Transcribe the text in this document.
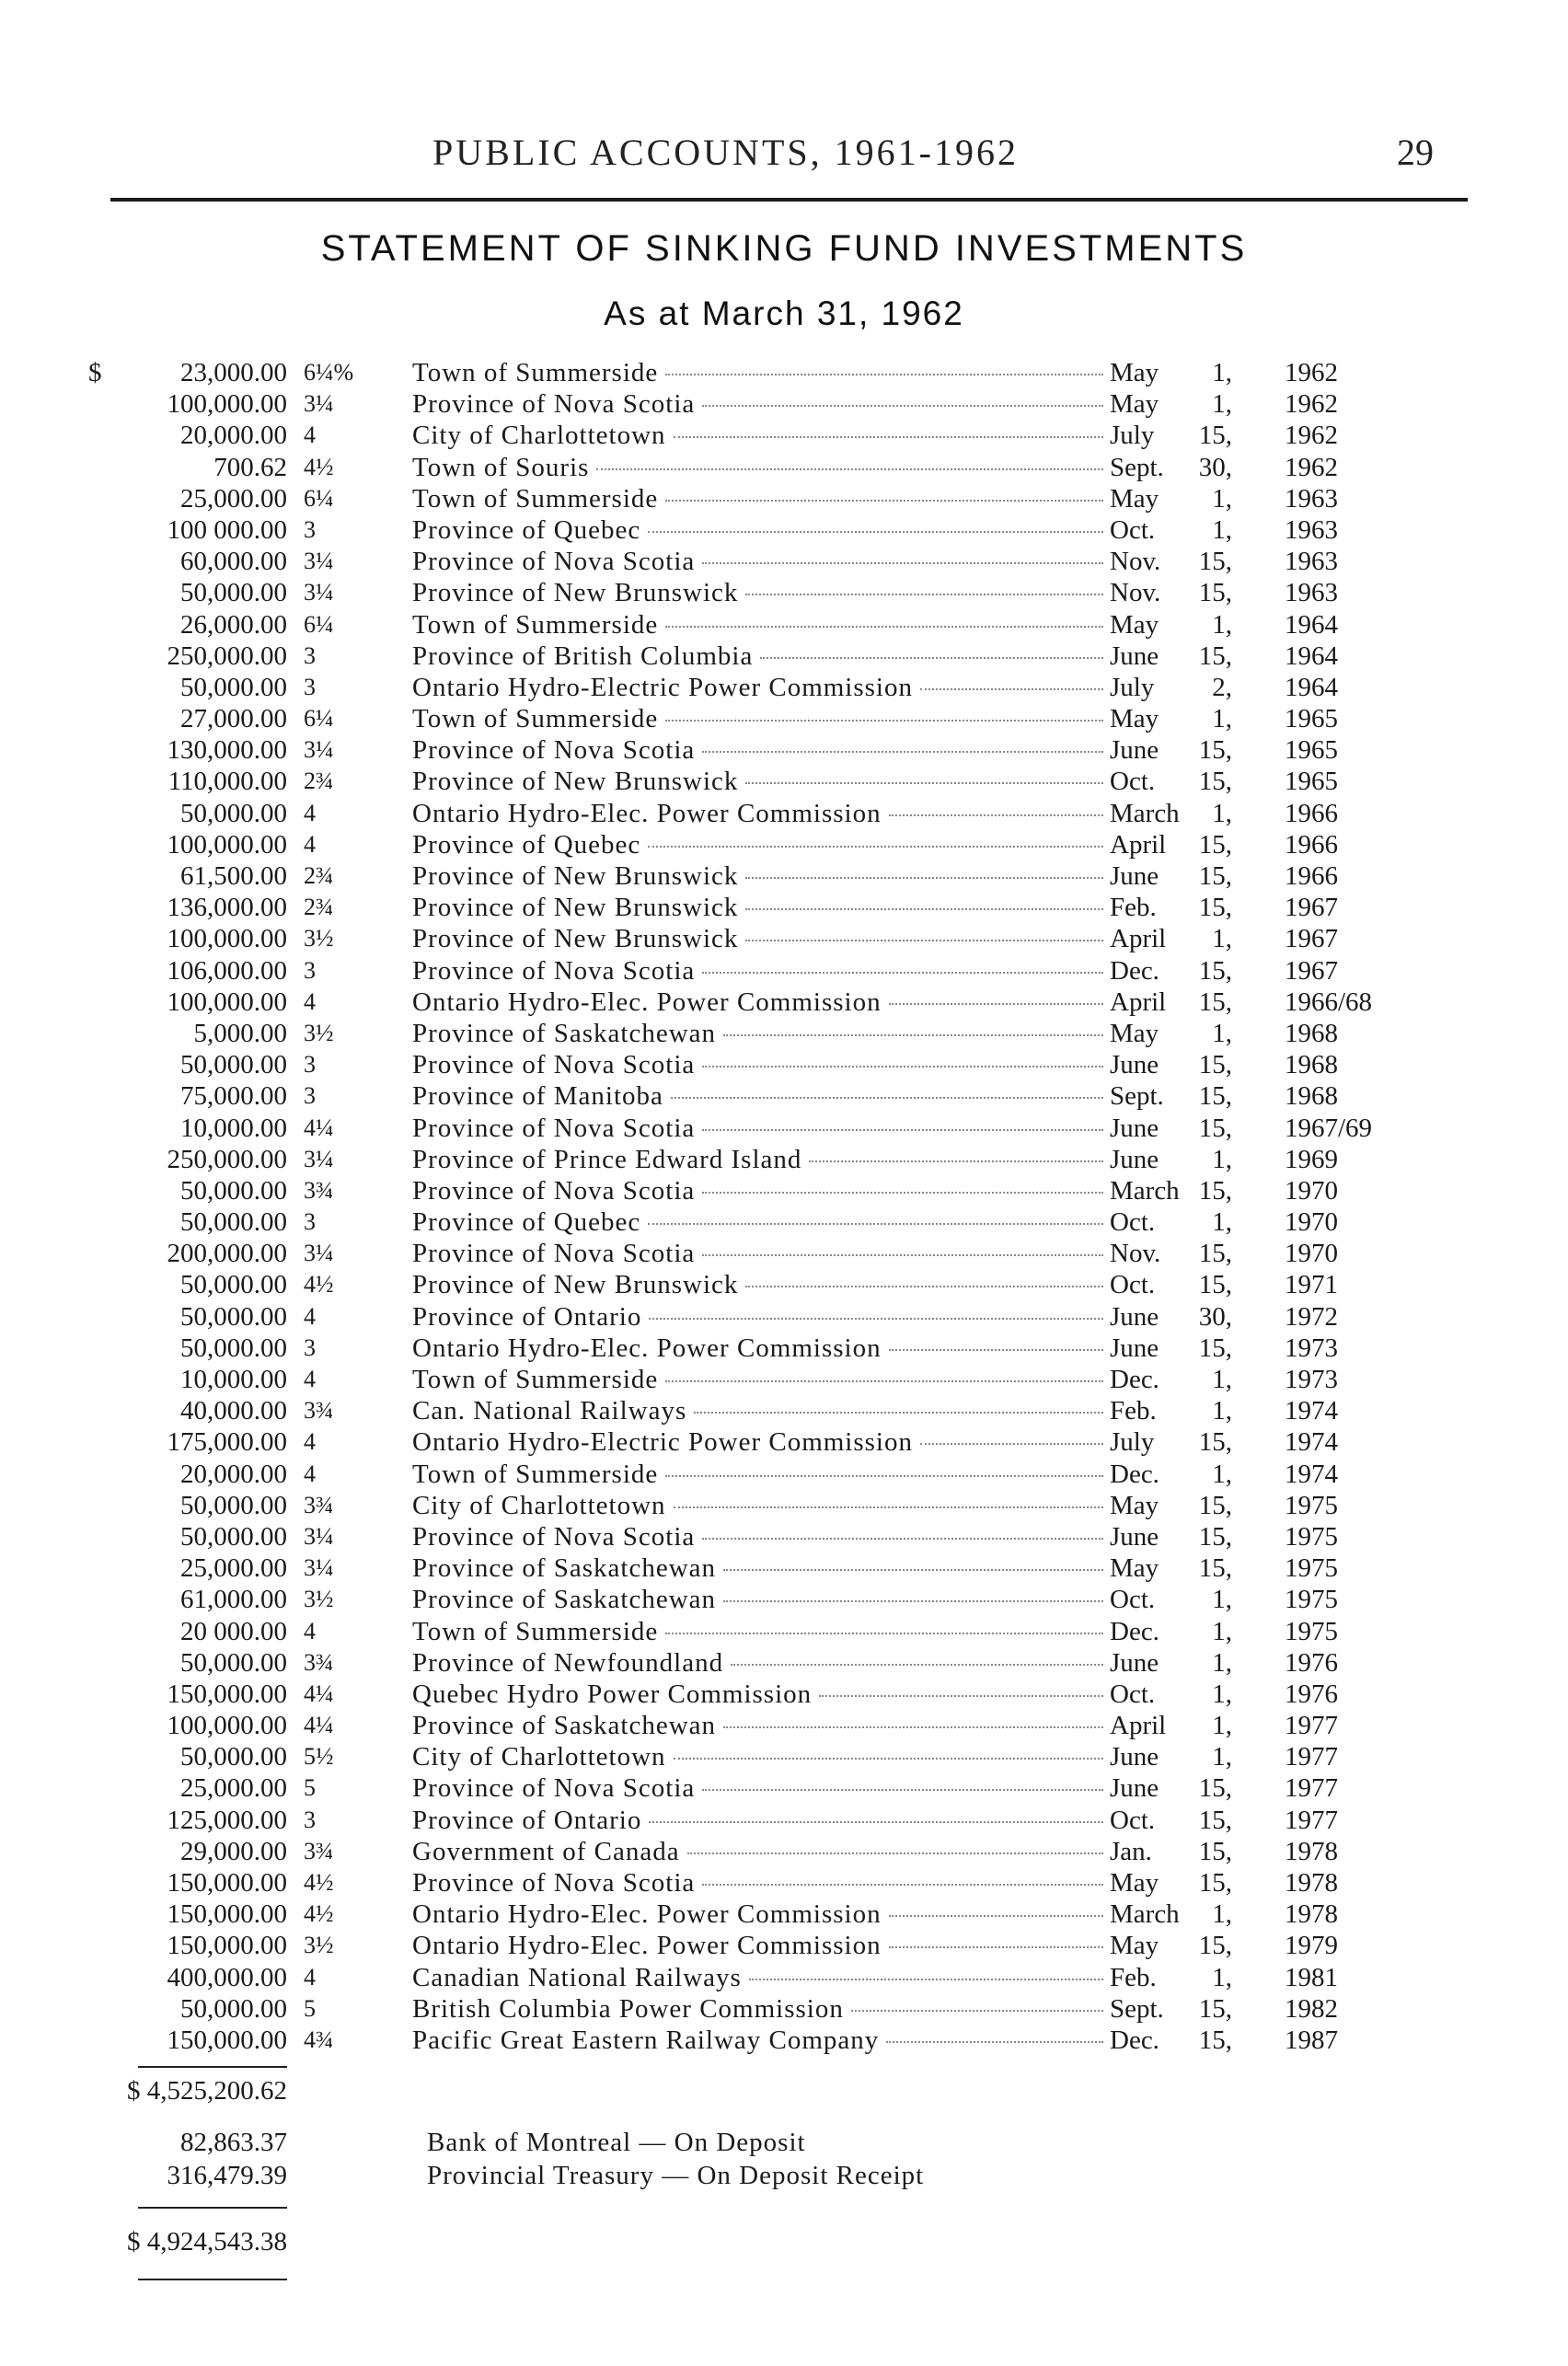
PUBLIC ACCOUNTS, 1961-1962	29
STATEMENT OF SINKING FUND INVESTMENTS
As at March 31, 1962
$	23,000.00 6¼% Town of Summerside	May 1, 1962
100,000.00 3¼	Province of Nova Scotia	May 1, 1962
20,000.00 4	City of Charlottetown	July 15, 1962
700.62 4½	Town of Souris	Sept. 30, 1962
25,000.00 6¼	Town of Summerside	May 1, 1963
100 000.00 3	Province of Quebec	Oct. 1, 1963
60,000.00 3¼	Province of Nova Scotia	Nov. 15, 1963
50,000.00 3¼	Province of New Brunswick	Nov. 15, 1963
26,000.00 6¼	Town of Summerside	May 1, 1964
250,000.00 3	Province of British Columbia	June 15, 1964
50,000.00 3	Ontario Hydro-Electric Power Commission	July 2, 1964
27,000.00 6¼	Town of Summerside	May 1, 1965
130,000.00 3¼	Province of Nova Scotia	June 15, 1965
110,000.00 2¾	Province of New Brunswick	Oct. 15, 1965
50,000.00 4	Ontario Hydro-Elec. Power Commission	March 1, 1966
100,000.00 4	Province of Quebec	April 15, 1966
61,500.00 2¾	Province of New Brunswick	June 15, 1966
136,000.00 2¾	Province of New Brunswick	Feb. 15, 1967
100,000.00 3½	Province of New Brunswick	April 1, 1967
106,000.00 3	Province of Nova Scotia	Dec. 15, 1967
100,000.00 4	Ontario Hydro-Elec. Power Commission	April 15, 1966/68
5,000.00 3½	Province of Saskatchewan	May 1, 1968
50,000.00 3	Province of Nova Scotia	June 15, 1968
75,000.00 3	Province of Manitoba	Sept. 15, 1968
10,000.00 4¼	Province of Nova Scotia	June 15, 1967/69
250,000.00 3¼	Province of Prince Edward Island	June 1, 1969
50,000.00 3¾	Province of Nova Scotia	March 15, 1970
50,000.00 3	Province of Quebec	Oct. 1, 1970
200,000.00 3¼	Province of Nova Scotia	Nov. 15, 1970
50,000.00 4½	Province of New Brunswick	Oct. 15, 1971
50,000.00 4	Province of Ontario	June 30, 1972
50,000.00 3	Ontario Hydro-Elec. Power Commission	June 15, 1973
10,000.00 4	Town of Summerside	Dec. 1, 1973
40,000.00 3¾	Can. National Railways	Feb. 1, 1974
175,000.00 4	Ontario Hydro-Electric Power Commission	July 15, 1974
20,000.00 4	Town of Summerside	Dec. 1, 1974
50,000.00 3¾	City of Charlottetown	May 15, 1975
50,000.00 3¼	Province of Nova Scotia	June 15, 1975
25,000.00 3¼	Province of Saskatchewan	May 15, 1975
61,000.00 3½	Province of Saskatchewan	Oct. 1, 1975
20 000.00 4	Town of Summerside	Dec. 1, 1975
50,000.00 3¾	Province of Newfoundland	June 1, 1976
150,000.00 4¼	Quebec Hydro Power Commission	Oct. 1, 1976
100,000.00 4¼	Province of Saskatchewan	April 1, 1977
50,000.00 5½	City of Charlottetown	June 1, 1977
25,000.00 5	Province of Nova Scotia	June 15, 1977
125,000.00 3	Province of Ontario	Oct. 15, 1977
29,000.00 3¾	Government of Canada	Jan. 15, 1978
150,000.00 4½	Province of Nova Scotia	May 15, 1978
150,000.00 4½	Ontario Hydro-Elec. Power Commission	March 1, 1978
150,000.00 3½	Ontario Hydro-Elec. Power Commission	May 15, 1979
400,000.00 4	Canadian National Railways	Feb. 1, 1981
50,000.00 5	British Columbia Power Commission	Sept. 15, 1982
150,000.00 4¾	Pacific Great Eastern Railway Company	Dec. 15, 1987
$ 4,525,200.62
82,863.37	Bank of Montreal — On Deposit
316,479.39	Provincial Treasury — On Deposit Receipt
$ 4,924,543.38
